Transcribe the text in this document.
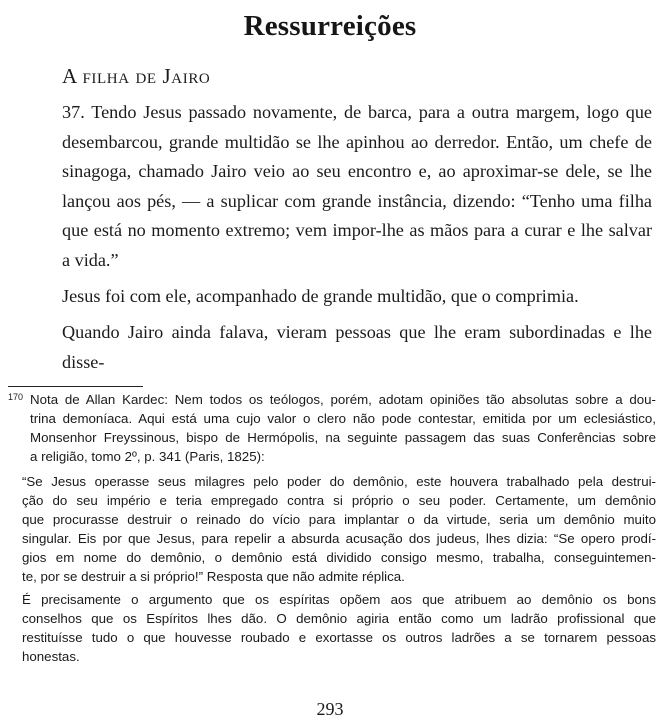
Ressurreições
A filha de Jairo
37. Tendo Jesus passado novamente, de barca, para a outra margem, logo que
desembarcou, grande multidão se lhe apinhou ao derredor. Então, um chefe de
sinagoga, chamado Jairo veio ao seu encontro e, ao aproximar-se dele, se lhe
lançou aos pés, — a suplicar com grande instância, dizendo: “Tenho uma filha
que está no momento extremo; vem impor-lhe as mãos para a curar e lhe salvar
a vida.”
Jesus foi com ele, acompanhado de grande multidão, que o comprimia.
Quando Jairo ainda falava, vieram pessoas que lhe eram subordinadas e lhe disse-
170 Nota de Allan Kardec: Nem todos os teólogos, porém, adotam opiniões tão absolutas sobre a dou-
trina demoníaca. Aqui está uma cujo valor o clero não pode contestar, emitida por um eclesiástico,
Monsenhor Freyssinous, bispo de Hermópolis, na seguinte passagem das suas Conferências sobre
a religião, tomo 2º, p. 341 (Paris, 1825):
“Se Jesus operasse seus milagres pelo poder do demônio, este houvera trabalhado pela destrui-
ção do seu império e teria empregado contra si próprio o seu poder. Certamente, um demônio
que procurasse destruir o reinado do vício para implantar o da virtude, seria um demônio muito
singular. Eis por que Jesus, para repelir a absurda acusação dos judeus, lhes dizia: “Se opero prodí-
gios em nome do demônio, o demônio está dividido consigo mesmo, trabalha, conseguintemen-
te, por se destruir a si próprio!” Resposta que não admite réplica.
É precisamente o argumento que os espíritas opõem aos que atribuem ao demônio os bons
conselhos que os Espíritos lhes dão. O demônio agiria então como um ladrão profissional que
restituísse tudo o que houvesse roubado e exortasse os outros ladrões a se tornarem pessoas
honestas.
293
